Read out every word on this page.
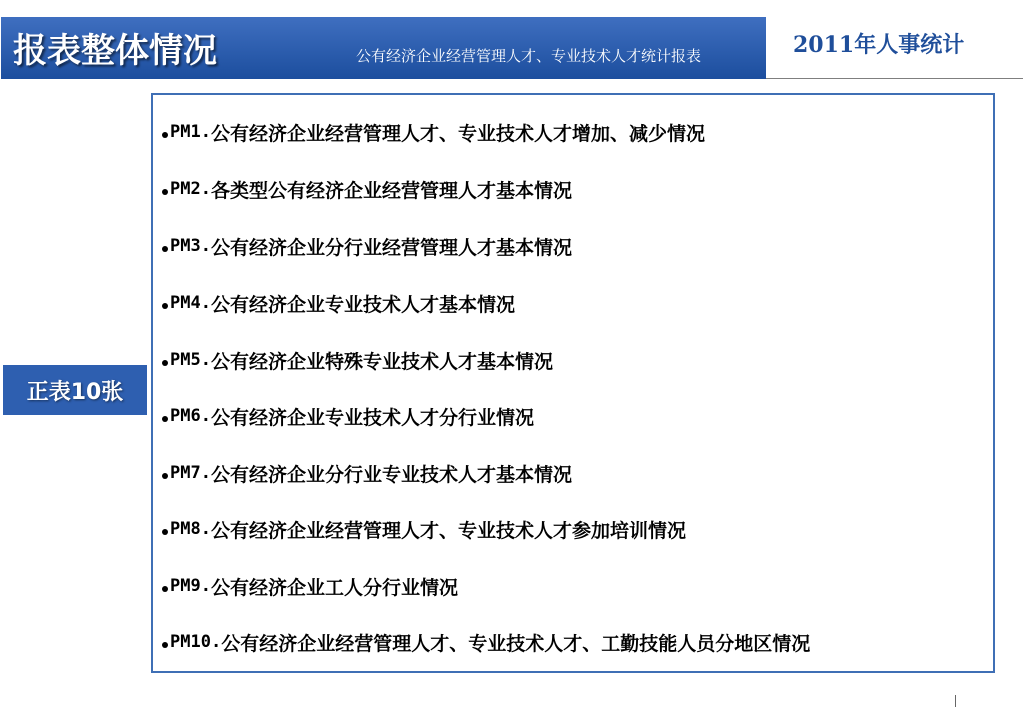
报表整体情况	公有经济企业经营管理人才、专业技术人才统计报表	2011年人事统计
正表10张
PM1. 公有经济企业经营管理人才、专业技术人才增加、减少情况
PM2. 各类型公有经济企业经营管理人才基本情况
PM3. 公有经济企业分行业经营管理人才基本情况
PM4. 公有经济企业专业技术人才基本情况
PM5. 公有经济企业特殊专业技术人才基本情况
PM6. 公有经济企业专业技术人才分行业情况
PM7. 公有经济企业分行业专业技术人才基本情况
PM8. 公有经济企业经营管理人才、专业技术人才参加培训情况
PM9. 公有经济企业工人分行业情况
PM10. 公有经济企业经营管理人才、专业技术人才、工勤技能人员分地区情况
